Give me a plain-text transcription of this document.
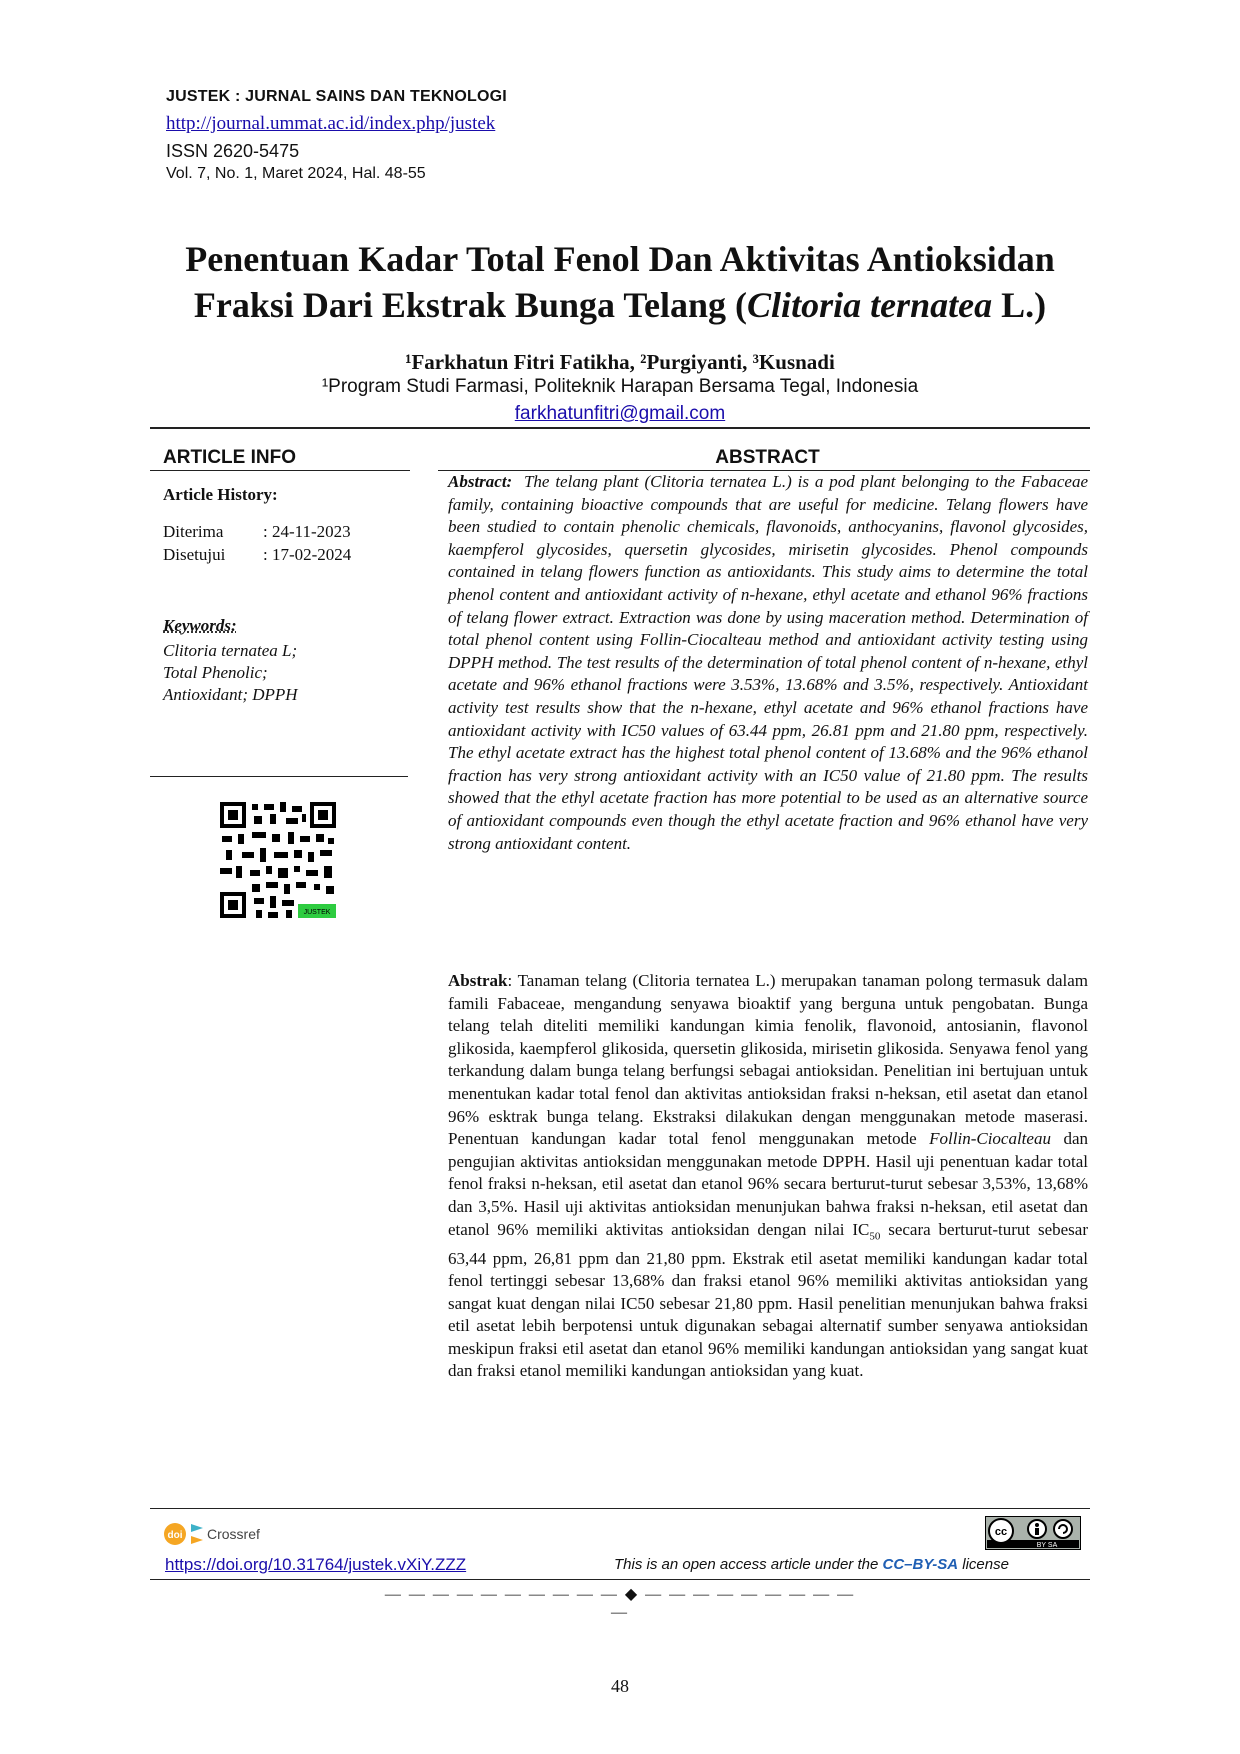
JUSTEK : JURNAL SAINS DAN TEKNOLOGI
http://journal.ummat.ac.id/index.php/justek
ISSN 2620-5475
Vol. 7, No. 1, Maret 2024, Hal. 48-55
Penentuan Kadar Total Fenol Dan Aktivitas Antioksidan
Fraksi Dari Ekstrak Bunga Telang (Clitoria ternatea L.)
¹Farkhatun Fitri Fatikha, ²Purgiyanti, ³Kusnadi
¹Program Studi Farmasi, Politeknik Harapan Bersama Tegal, Indonesia
farkhatunfitri@gmail.com
ARTICLE INFO
Article History:
Diterima : 24-11-2023
Disetujui : 17-02-2024
Keywords:
Clitoria ternatea L;
Total Phenolic;
Antioxidant; DPPH
JUSTEK
ABSTRACT
Abstract: The telang plant (Clitoria ternatea L.) is a pod plant belonging to the Fabaceae family, containing bioactive compounds that are useful for medicine. Telang flowers have been studied to contain phenolic chemicals, flavonoids, anthocyanins, flavonol glycosides, kaempferol glycosides, quersetin glycosides, mirisetin glycosides. Phenol compounds contained in telang flowers function as antioxidants. This study aims to determine the total phenol content and antioxidant activity of n-hexane, ethyl acetate and ethanol 96% fractions of telang flower extract. Extraction was done by using maceration method. Determination of total phenol content using Follin-Ciocalteau method and antioxidant activity testing using DPPH method. The test results of the determination of total phenol content of n-hexane, ethyl acetate and 96% ethanol fractions were 3.53%, 13.68% and 3.5%, respectively. Antioxidant activity test results show that the n-hexane, ethyl acetate and 96% ethanol fractions have antioxidant activity with IC50 values of 63.44 ppm, 26.81 ppm and 21.80 ppm, respectively. The ethyl acetate extract has the highest total phenol content of 13.68% and the 96% ethanol fraction has very strong antioxidant activity with an IC50 value of 21.80 ppm. The results showed that the ethyl acetate fraction has more potential to be used as an alternative source of antioxidant compounds even though the ethyl acetate fraction and 96% ethanol have very strong antioxidant content.
Abstrak: Tanaman telang (Clitoria ternatea L.) merupakan tanaman polong termasuk dalam famili Fabaceae, mengandung senyawa bioaktif yang berguna untuk pengobatan. Bunga telang telah diteliti memiliki kandungan kimia fenolik, flavonoid, antosianin, flavonol glikosida, kaempferol glikosida, quersetin glikosida, mirisetin glikosida. Senyawa fenol yang terkandung dalam bunga telang berfungsi sebagai antioksidan. Penelitian ini bertujuan untuk menentukan kadar total fenol dan aktivitas antioksidan fraksi n-heksan, etil asetat dan etanol 96% esktrak bunga telang. Ekstraksi dilakukan dengan menggunakan metode maserasi. Penentuan kandungan kadar total fenol menggunakan metode Follin-Ciocalteau dan pengujian aktivitas antioksidan menggunakan metode DPPH. Hasil uji penentuan kadar total fenol fraksi n-heksan, etil asetat dan etanol 96% secara berturut-turut sebesar 3,53%, 13,68% dan 3,5%. Hasil uji aktivitas antioksidan menunjukan bahwa fraksi n-heksan, etil asetat dan etanol 96% memiliki aktivitas antioksidan dengan nilai $IC_{50}$ secara berturut-turut sebesar 63,44 ppm, 26,81 ppm dan 21,80 ppm. Ekstrak etil asetat memiliki kandungan kadar total fenol tertinggi sebesar 13,68% dan fraksi etanol 96% memiliki aktivitas antioksidan yang sangat kuat dengan nilai IC50 sebesar 21,80 ppm. Hasil penelitian menunjukan bahwa fraksi etil asetat lebih berpotensi untuk digunakan sebagai alternatif sumber senyawa antioksidan meskipun fraksi etil asetat dan etanol 96% memiliki kandungan antioksidan yang sangat kuat dan fraksi etanol memiliki kandungan antioksidan yang kuat.
doi Crossref	cc
BY SA
https://doi.org/10.31764/justek.vXiY.ZZZ	This is an open access article under the CC–BY-SA license
— — — — — — — — — — ◆ — — — — — — — — — —
48
